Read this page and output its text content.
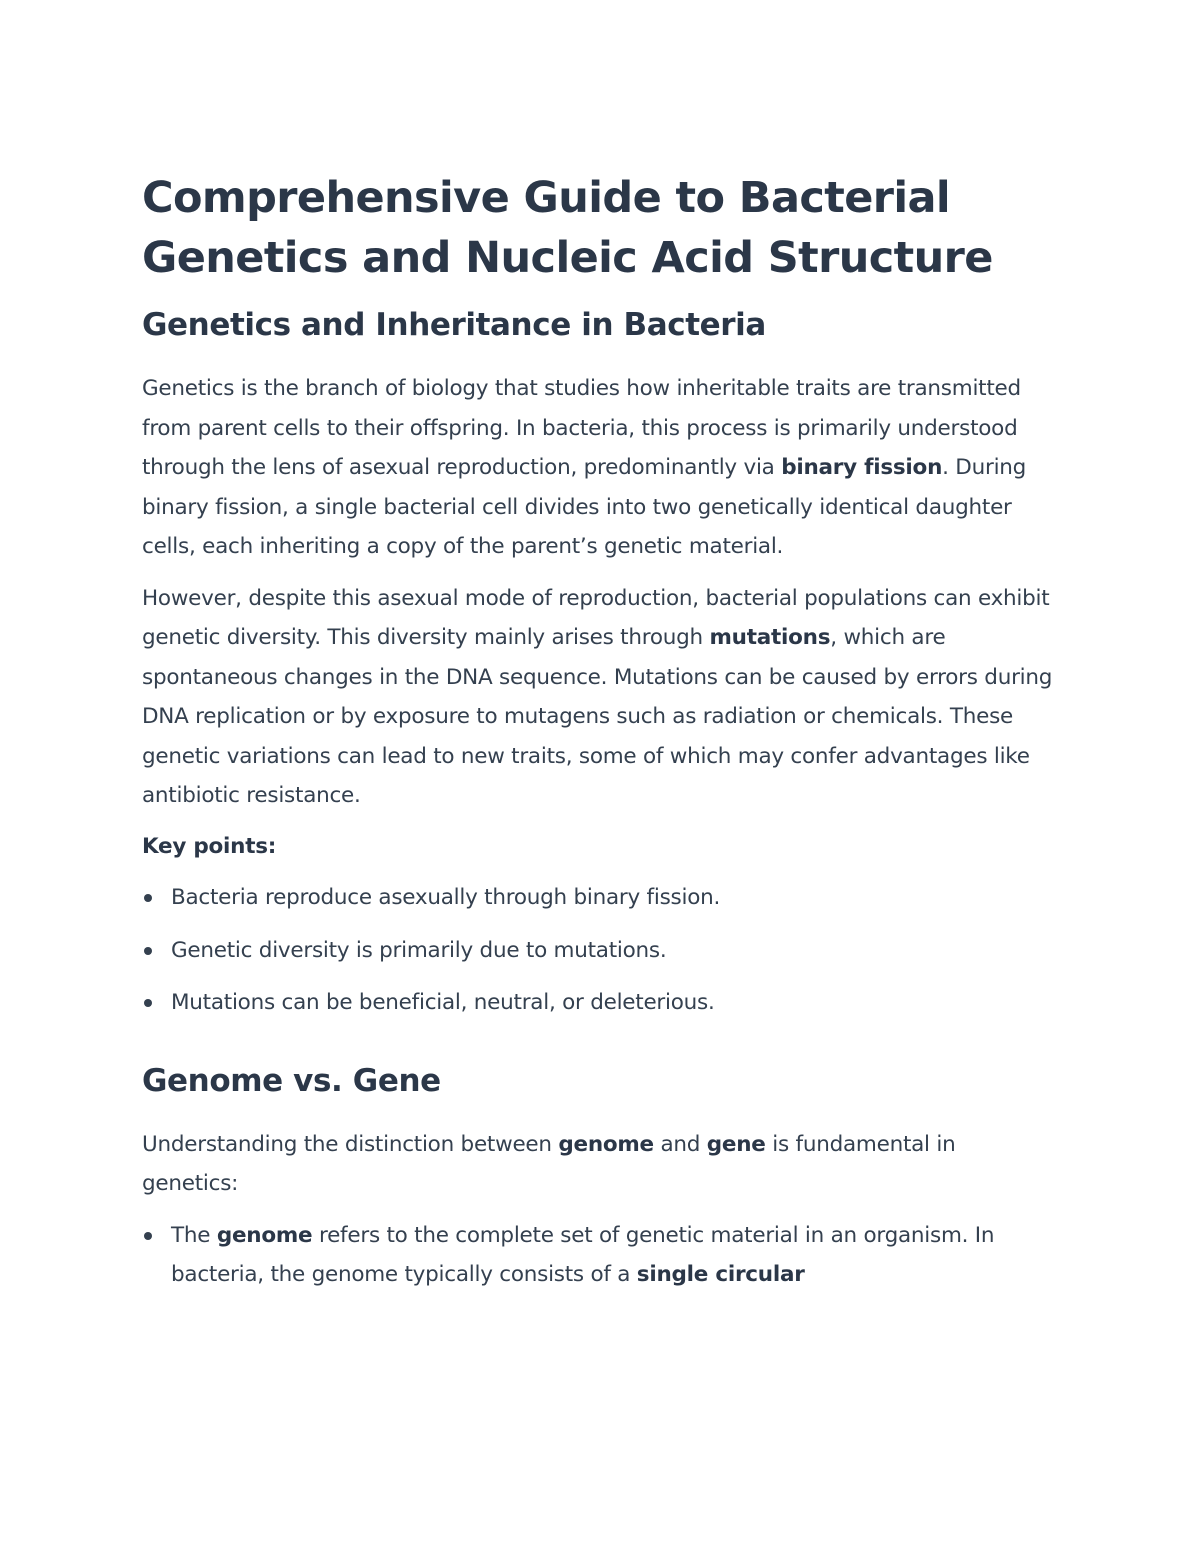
Comprehensive Guide to Bacterial Genetics and Nucleic Acid Structure
Genetics and Inheritance in Bacteria

Genetics is the branch of biology that studies how inheritable traits are transmitted from parent cells to their offspring. In bacteria, this process is primarily understood through the lens of asexual reproduction, predominantly via binary fission. During binary fission, a single bacterial cell divides into two genetically identical daughter cells, each inheriting a copy of the parent’s genetic material.

However, despite this asexual mode of reproduction, bacterial populations can exhibit genetic diversity. This diversity mainly arises through mutations, which are spontaneous changes in the DNA sequence. Mutations can be caused by errors during DNA replication or by exposure to mutagens such as radiation or chemicals. These genetic variations can lead to new traits, some of which may confer advantages like antibiotic resistance.

Key points:

Bacteria reproduce asexually through binary fission.
Genetic diversity is primarily due to mutations.
Mutations can be beneficial, neutral, or deleterious.
Genome vs. Gene

Understanding the distinction between genome and gene is fundamental in genetics:

The genome refers to the complete set of genetic material in an organism. In bacteria, the genome typically consists of a single circular
